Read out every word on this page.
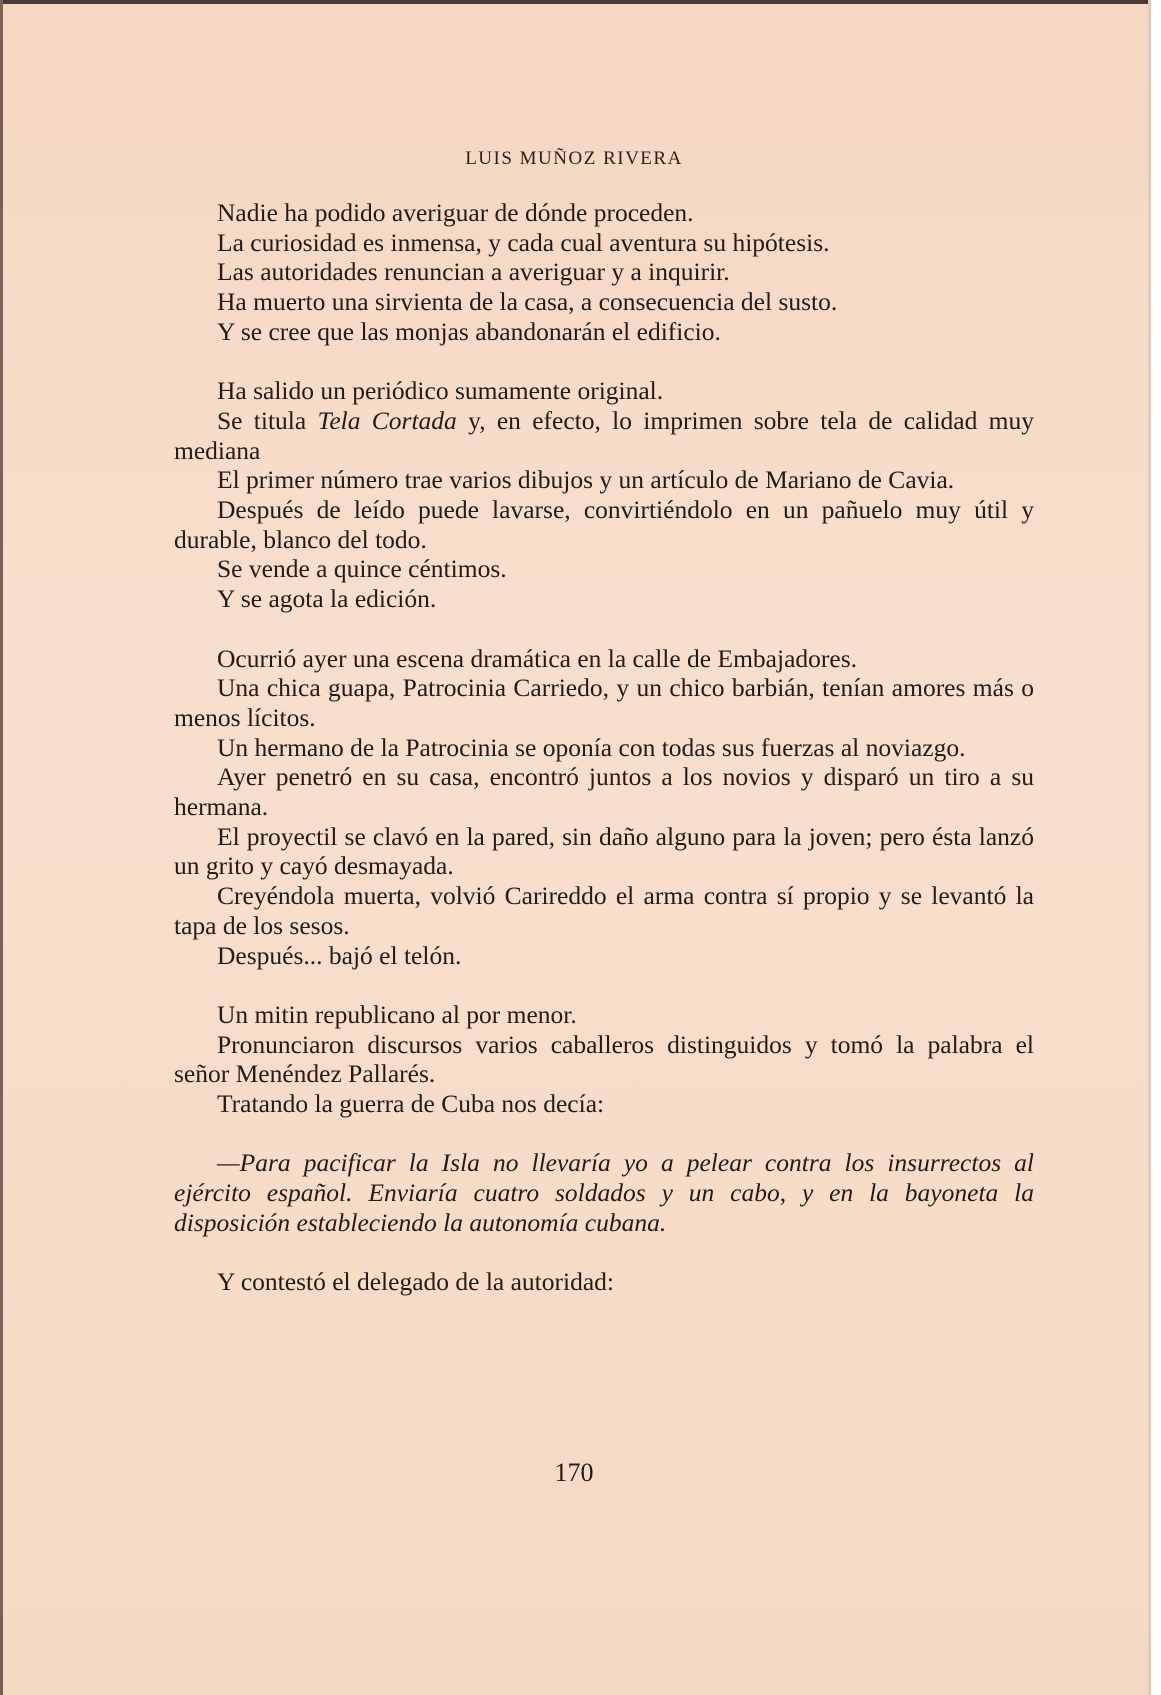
LUIS MUÑOZ RIVERA

Nadie ha podido averiguar de dónde proceden.

La curiosidad es inmensa, y cada cual aventura su hipótesis.

Las autoridades renuncian a averiguar y a inquirir.

Ha muerto una sirvienta de la casa, a consecuencia del susto.

Y se cree que las monjas abandonarán el edificio.

Ha salido un periódico sumamente original.

Se titula Tela Cortada y, en efecto, lo imprimen sobre tela de calidad muy mediana

El primer número trae varios dibujos y un artículo de Mariano de Cavia.

Después de leído puede lavarse, convirtiéndolo en un pañuelo muy útil y durable, blanco del todo.

Se vende a quince céntimos.

Y se agota la edición.

Ocurrió ayer una escena dramática en la calle de Embajadores.

Una chica guapa, Patrocinia Carriedo, y un chico barbián, tenían amores más o menos lícitos.

Un hermano de la Patrocinia se oponía con todas sus fuerzas al noviazgo.

Ayer penetró en su casa, encontró juntos a los novios y disparó un tiro a su hermana.

El proyectil se clavó en la pared, sin daño alguno para la joven; pero ésta lanzó un grito y cayó desmayada.

Creyéndola muerta, volvió Carireddo el arma contra sí propio y se levantó la tapa de los sesos.

Después... bajó el telón.

Un mitin republicano al por menor.

Pronunciaron discursos varios caballeros distinguidos y tomó la palabra el señor Menéndez Pallarés.

Tratando la guerra de Cuba nos decía:

—Para pacificar la Isla no llevaría yo a pelear contra los insurrectos al ejército español. Enviaría cuatro soldados y un cabo, y en la bayoneta la disposición estableciendo la autonomía cubana.

Y contestó el delegado de la autoridad:

170
